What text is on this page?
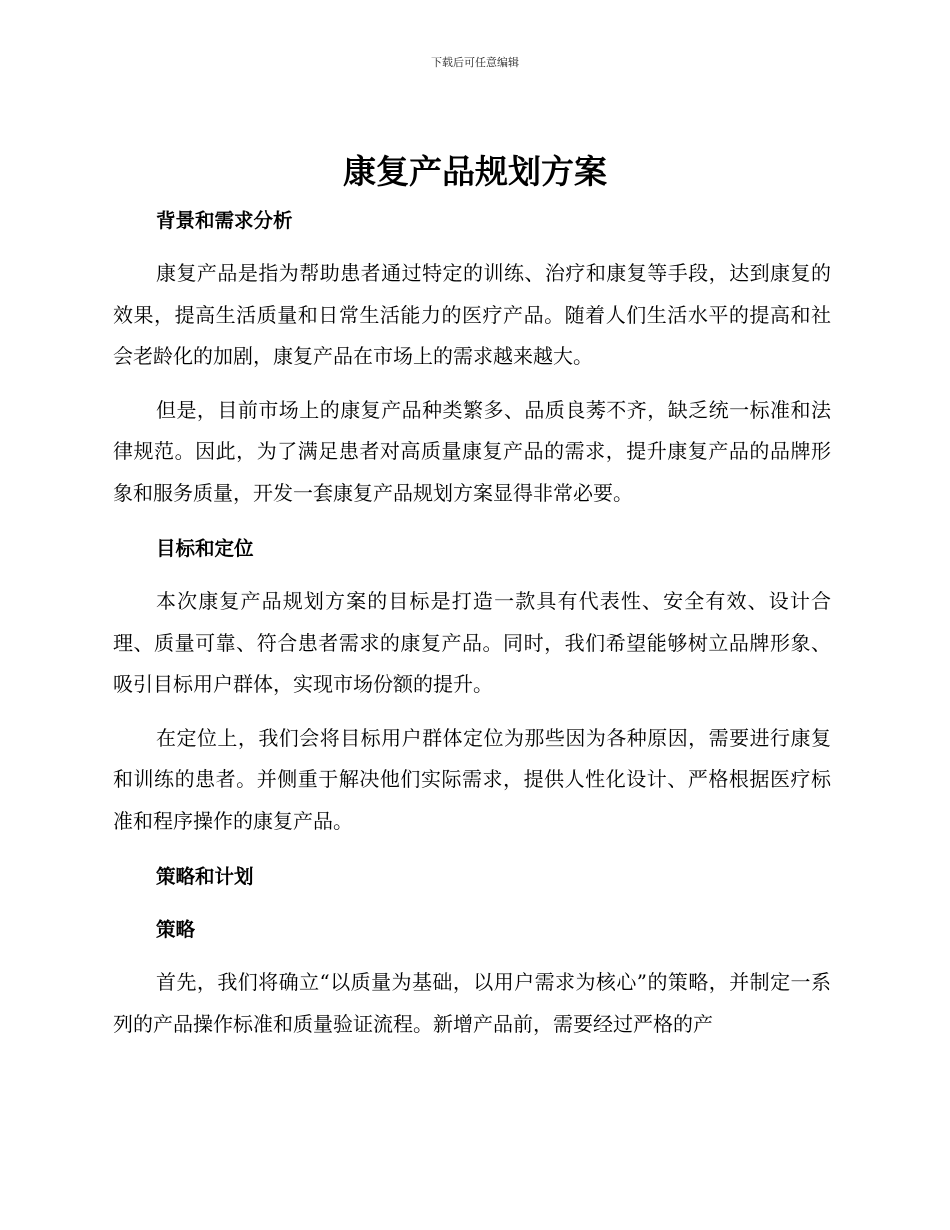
下载后可任意编辑
康复产品规划方案
背景和需求分析

康复产品是指为帮助患者通过特定的训练、治疗和康复等手段，达到康复的效果，提高生活质量和日常生活能力的医疗产品。随着人们生活水平的提高和社会老龄化的加剧，康复产品在市场上的需求越来越大。

但是，目前市场上的康复产品种类繁多、品质良莠不齐，缺乏统一标准和法律规范。因此，为了满足患者对高质量康复产品的需求，提升康复产品的品牌形象和服务质量，开发一套康复产品规划方案显得非常必要。

目标和定位

本次康复产品规划方案的目标是打造一款具有代表性、安全有效、设计合理、质量可靠、符合患者需求的康复产品。同时，我们希望能够树立品牌形象、吸引目标用户群体，实现市场份额的提升。

在定位上，我们会将目标用户群体定位为那些因为各种原因，需要进行康复和训练的患者。并侧重于解决他们实际需求，提供人性化设计、严格根据医疗标准和程序操作的康复产品。

策略和计划
策略

首先，我们将确立“以质量为基础，以用户需求为核心”的策略，并制定一系列的产品操作标准和质量验证流程。新增产品前，需要经过严格的产
